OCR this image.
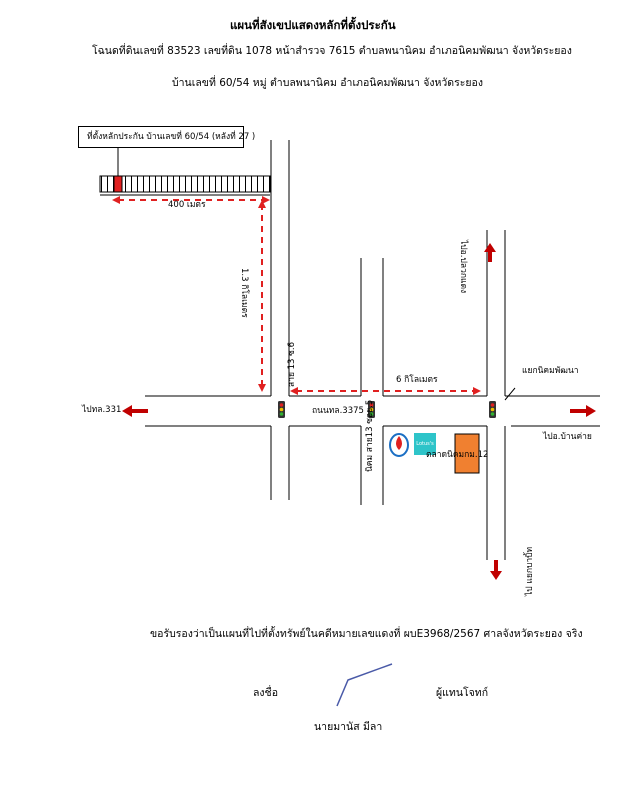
แผนที่สังเขปแสดงหลักที่ตั้งประกัน
โฉนดที่ดินเลขที่ 83523 เลขที่ดิน 1078 หน้าสำรวจ 7615 ตำบลพนานิคม อำเภอนิคมพัฒนา จังหวัดระยอง
บ้านเลขที่ 60/54 หมู่ ตำบลพนานิคม อำเภอนิคมพัฒนา จังหวัดระยอง
ที่ตั้งหลักประกัน บ้านเลขที่ 60/54 (หลังที่ 27 )
Lotus's
400 เมตร
1.3 กิโลเมตร
สาย 13 ซ.6	6 กิโลเมตร
ถนนทล.3375 นิคม สาย13 ซอย.5
ไปทล.331
ไปอ.ปลวกแดง
ไปอ.บ้านค่าย
ไป แยกบาบิ้ท
แยกนิคมพัฒนา
ตลาดนิคมกม.12
ขอรับรองว่าเป็นแผนที่ไปที่ตั้งทรัพย์ในคดีหมายเลขแดงที่ ผบE3968/2567 ศาลจังหวัดระยอง จริง
ลงชื่อ	ผู้แทนโจทก์
นายมานัส มีลา
